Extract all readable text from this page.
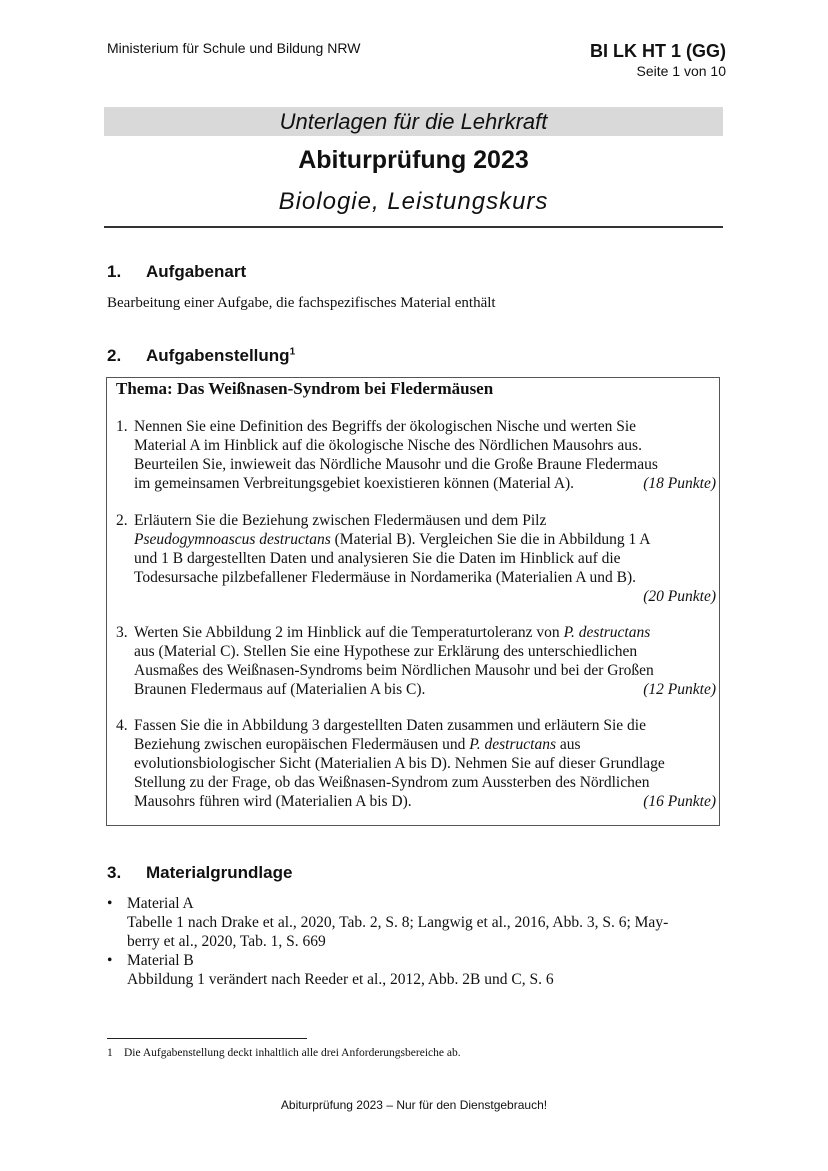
Ministerium für Schule und Bildung NRW	BI LK HT 1 (GG)
Seite 1 von 10
Unterlagen für die Lehrkraft
Abiturprüfung 2023
Biologie, Leistungskurs
1. Aufgabenart
Bearbeitung einer Aufgabe, die fachspezifisches Material enthält
2. Aufgabenstellung$^1$
Thema: Das Weißnasen-Syndrom bei Fledermäusen
1. Nennen Sie eine Definition des Begriffs der ökologischen Nische und werten Sie
Material A im Hinblick auf die ökologische Nische des Nördlichen Mausohrs aus.
Beurteilen Sie, inwieweit das Nördliche Mausohr und die Große Braune Fledermaus
im gemeinsamen Verbreitungsgebiet koexistieren können (Material A).	(18 Punkte)
2. Erläutern Sie die Beziehung zwischen Fledermäusen und dem Pilz
Pseudogymnoascus destructans (Material B). Vergleichen Sie die in Abbildung 1 A
und 1 B dargestellten Daten und analysieren Sie die Daten im Hinblick auf die
Todesursache pilzbefallener Fledermäuse in Nordamerika (Materialien A und B).
(20 Punkte)
3. Werten Sie Abbildung 2 im Hinblick auf die Temperaturtoleranz von P. destructans
aus (Material C). Stellen Sie eine Hypothese zur Erklärung des unterschiedlichen
Ausmaßes des Weißnasen-Syndroms beim Nördlichen Mausohr und bei der Großen
Braunen Fledermaus auf (Materialien A bis C).	(12 Punkte)
4. Fassen Sie die in Abbildung 3 dargestellten Daten zusammen und erläutern Sie die
Beziehung zwischen europäischen Fledermäusen und P. destructans aus
evolutionsbiologischer Sicht (Materialien A bis D). Nehmen Sie auf dieser Grundlage
Stellung zu der Frage, ob das Weißnasen-Syndrom zum Aussterben des Nördlichen
Mausohrs führen wird (Materialien A bis D).	(16 Punkte)
3. Materialgrundlage
• Material A
Tabelle 1 nach Drake et al., 2020, Tab. 2, S. 8; Langwig et al., 2016, Abb. 3, S. 6; May-
berry et al., 2020, Tab. 1, S. 669
• Material B
Abbildung 1 verändert nach Reeder et al., 2012, Abb. 2B und C, S. 6
1 Die Aufgabenstellung deckt inhaltlich alle drei Anforderungsbereiche ab.
Abiturprüfung 2023 – Nur für den Dienstgebrauch!
